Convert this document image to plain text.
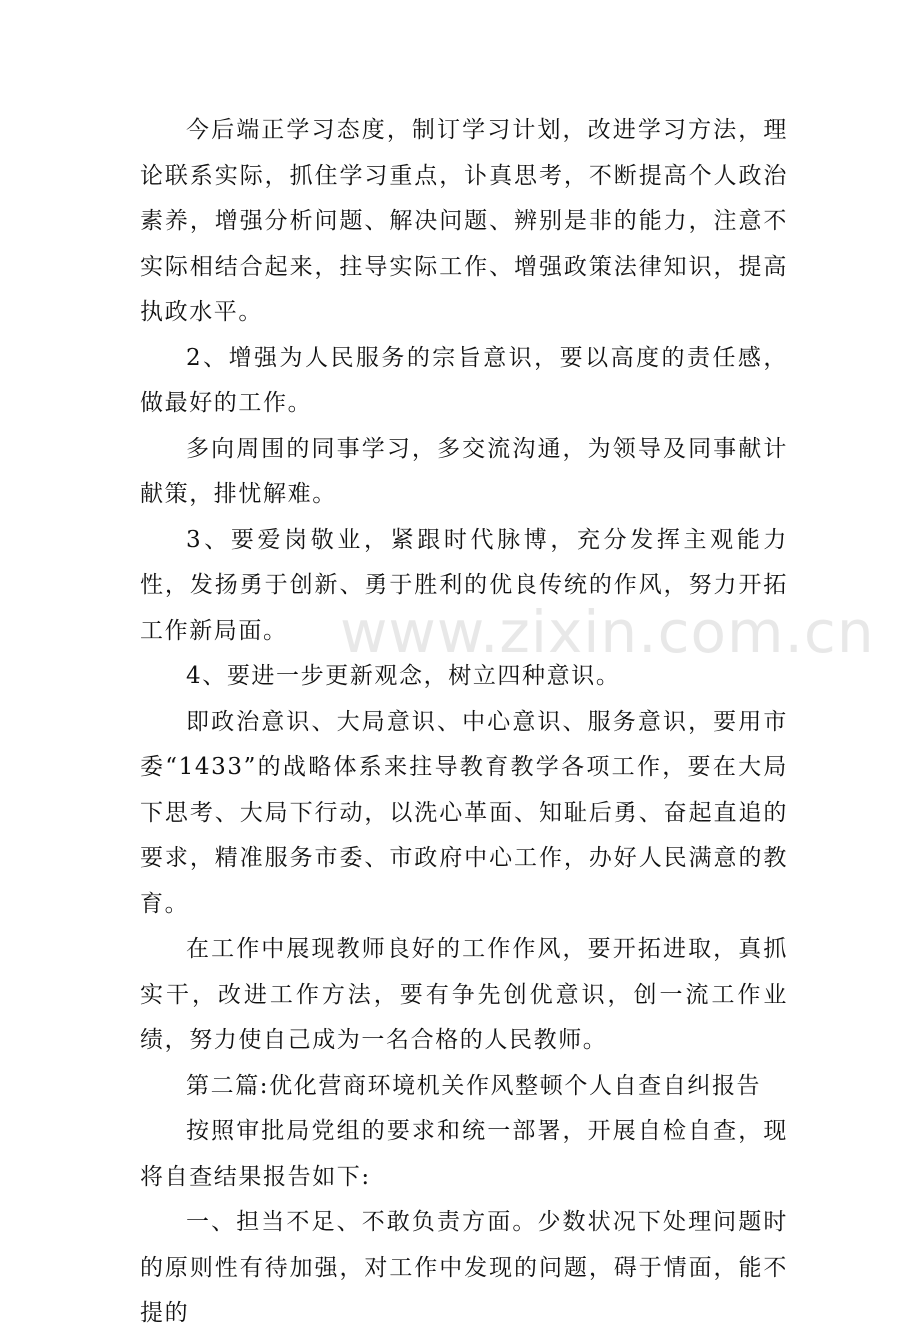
今后端正学习态度，制订学习计划，改进学习方法，理论联系实际，抓住学习重点，讣真思考，不断提高个人政治素养，增强分析问题、解决问题、辨别是非的能力，注意不实际相结合起来，拄导实际工作、增强政策法律知识，提高执政水平。

2、增强为人民服务的宗旨意识，要以高度的责任感，做最好的工作。

多向周围的同事学习，多交流沟通，为领导及同事献计献策，排忧解难。

3、要爱岗敬业，紧跟时代脉博，充分发挥主观能力性，发扬勇于创新、勇于胜利的优良传统的作风，努力开拓工作新局面。

4、要进一步更新观念，树立四种意识。

即政治意识、大局意识、中心意识、服务意识，要用市委“1433”的战略体系来拄导教育教学各项工作，要在大局下思考、大局下行动，以洗心革面、知耻后勇、奋起直追的要求，精准服务市委、市政府中心工作，办好人民满意的教育。

在工作中展现教师良好的工作作风，要开拓进取，真抓实干，改进工作方法，要有争先创优意识，创一流工作业绩，努力使自己成为一名合格的人民教师。

第二篇:优化营商环境机关作风整顿个人自查自纠报告

按照审批局党组的要求和统一部署，开展自检自查，现将自查结果报告如下:

一、担当不足、不敢负责方面。少数状况下处理问题时的原则性有待加强，对工作中发现的问题，碍于情面，能不提的

www.zixin.com.cn
